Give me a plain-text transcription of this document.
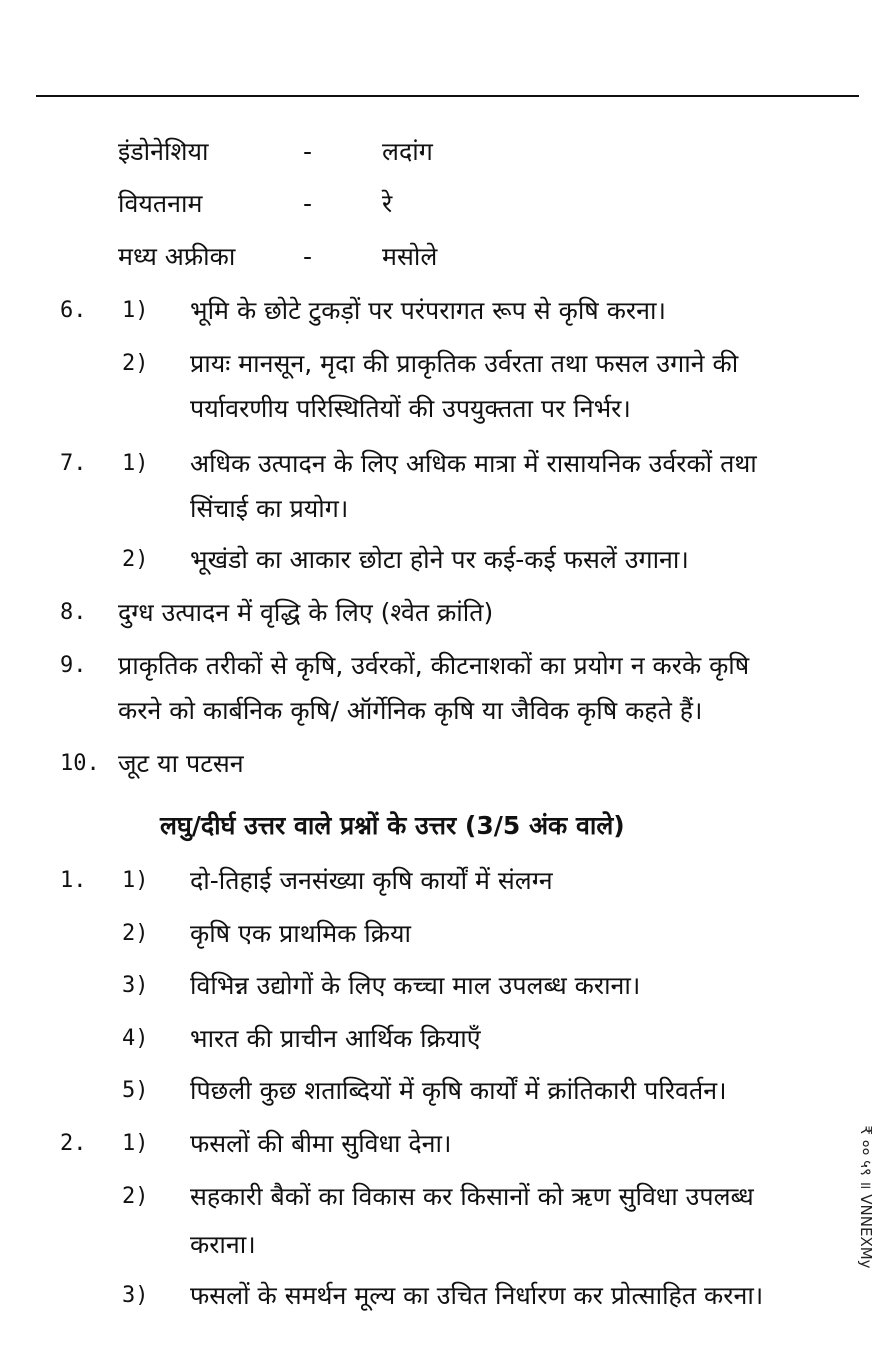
इंडोनेशिया	-	लदांग
वियतनाम	-	रे
मध्य अफ्रीका	-	मसोले
6. 1) भूमि के छोटे टुकड़ों पर परंपरागत रूप से कृषि करना।
2) प्रायः मानसून, मृदा की प्राकृतिक उर्वरता तथा फसल उगाने की
पर्यावरणीय परिस्थितियों की उपयुक्तता पर निर्भर।
7. 1) अधिक उत्पादन के लिए अधिक मात्रा में रासायनिक उर्वरकों तथा
सिंचाई का प्रयोग।
2) भूखंडो का आकार छोटा होने पर कई-कई फसलें उगाना।
8. दुग्ध उत्पादन में वृद्धि के लिए (श्वेत क्रांति)
9. प्राकृतिक तरीकों से कृषि, उर्वरकों, कीटनाशकों का प्रयोग न करके कृषि
करने को कार्बनिक कृषि/ ऑर्गेनिक कृषि या जैविक कृषि कहते हैं।
10. जूट या पटसन
लघु/दीर्घ उत्तर वाले प्रश्नों के उत्तर (3/5 अंक वाले)
1. 1) दो-तिहाई जनसंख्या कृषि कार्यों में संलग्न
2) कृषि एक प्राथमिक क्रिया
3) विभिन्न उद्योगों के लिए कच्चा माल उपलब्ध कराना।
4) भारत की प्राचीन आर्थिक क्रियाएँ
5) पिछली कुछ शताब्दियों में कृषि कार्यों में क्रांतिकारी परिवर्तन।
2. 1) फसलों की बीमा सुविधा देना।
2) सहकारी बैकों का विकास कर किसानों को ऋण सुविधा उपलब्ध
कराना।
3) फसलों के समर्थन मूल्य का उचित निर्धारण कर प्रोत्साहित करना।
₹ ०० ५९ ॥ VNNEXMy
